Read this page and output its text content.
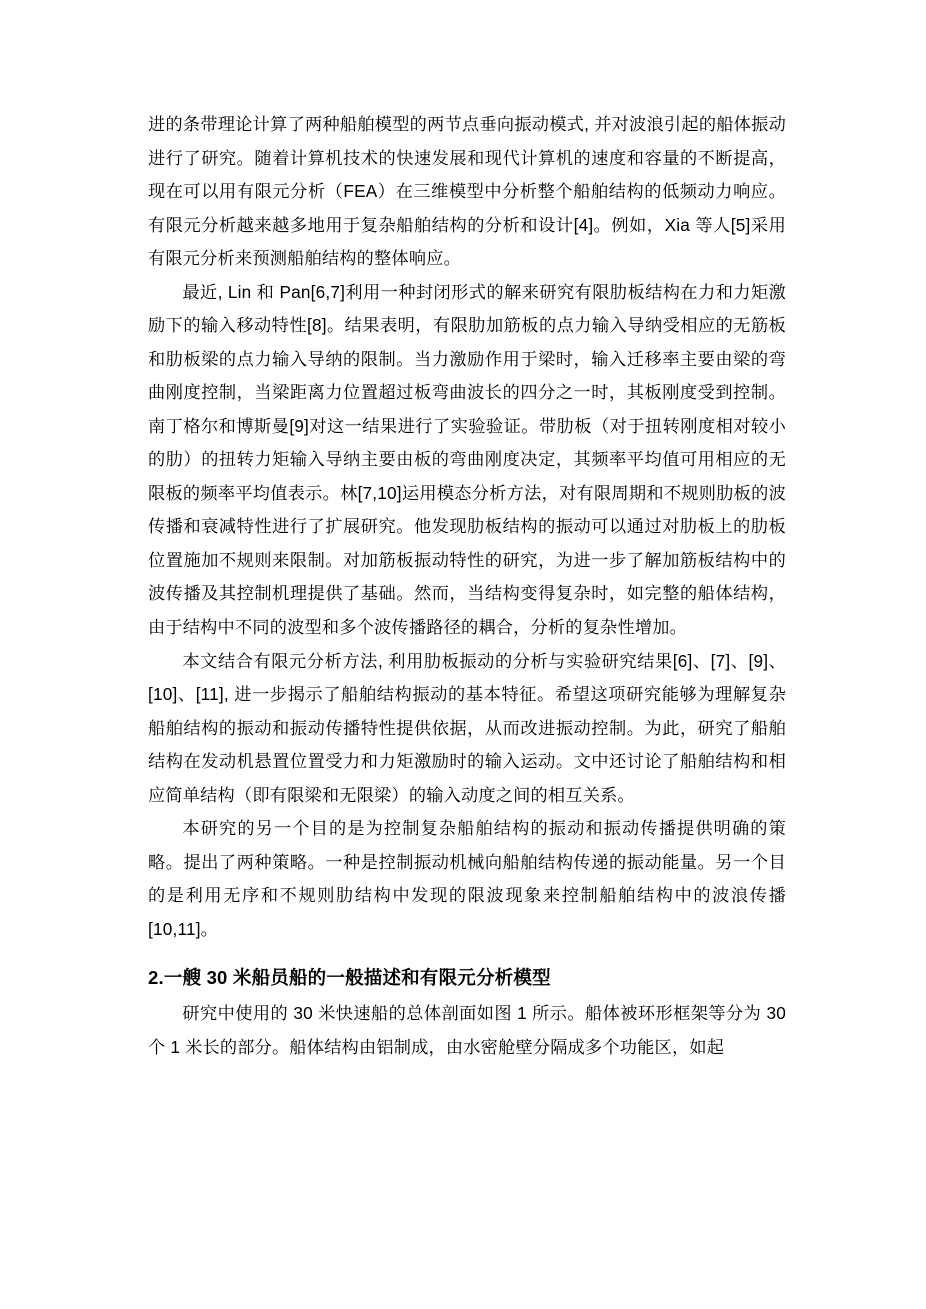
进的条带理论计算了两种船舶模型的两节点垂向振动模式, 并对波浪引起的船体振动进行了研究。随着计算机技术的快速发展和现代计算机的速度和容量的不断提高，现在可以用有限元分析（FEA）在三维模型中分析整个船舶结构的低频动力响应。有限元分析越来越多地用于复杂船舶结构的分析和设计[4]。例如，Xia 等人[5]采用有限元分析来预测船舶结构的整体响应。

最近, Lin 和 Pan[6,7]利用一种封闭形式的解来研究有限肋板结构在力和力矩激励下的输入移动特性[8]。结果表明，有限肋加筋板的点力输入导纳受相应的无筋板和肋板梁的点力输入导纳的限制。当力激励作用于梁时，输入迁移率主要由梁的弯曲刚度控制，当梁距离力位置超过板弯曲波长的四分之一时，其板刚度受到控制。南丁格尔和博斯曼[9]对这一结果进行了实验验证。带肋板（对于扭转刚度相对较小的肋）的扭转力矩输入导纳主要由板的弯曲刚度决定，其频率平均值可用相应的无限板的频率平均值表示。林[7,10]运用模态分析方法，对有限周期和不规则肋板的波传播和衰减特性进行了扩展研究。他发现肋板结构的振动可以通过对肋板上的肋板位置施加不规则来限制。对加筋板振动特性的研究，为进一步了解加筋板结构中的波传播及其控制机理提供了基础。然而，当结构变得复杂时，如完整的船体结构，由于结构中不同的波型和多个波传播路径的耦合，分析的复杂性增加。

本文结合有限元分析方法, 利用肋板振动的分析与实验研究结果[6]、[7]、[9]、[10]、[11], 进一步揭示了船舶结构振动的基本特征。希望这项研究能够为理解复杂船舶结构的振动和振动传播特性提供依据，从而改进振动控制。为此，研究了船舶结构在发动机悬置位置受力和力矩激励时的输入运动。文中还讨论了船舶结构和相应简单结构（即有限梁和无限梁）的输入动度之间的相互关系。

本研究的另一个目的是为控制复杂船舶结构的振动和振动传播提供明确的策略。提出了两种策略。一种是控制振动机械向船舶结构传递的振动能量。另一个目的是利用无序和不规则肋结构中发现的限波现象来控制船舶结构中的波浪传播[10,11]。

2.一艘 30 米船员船的一般描述和有限元分析模型

研究中使用的 30 米快速船的总体剖面如图 1 所示。船体被环形框架等分为 30 个 1 米长的部分。船体结构由铝制成，由水密舱壁分隔成多个功能区，如起
